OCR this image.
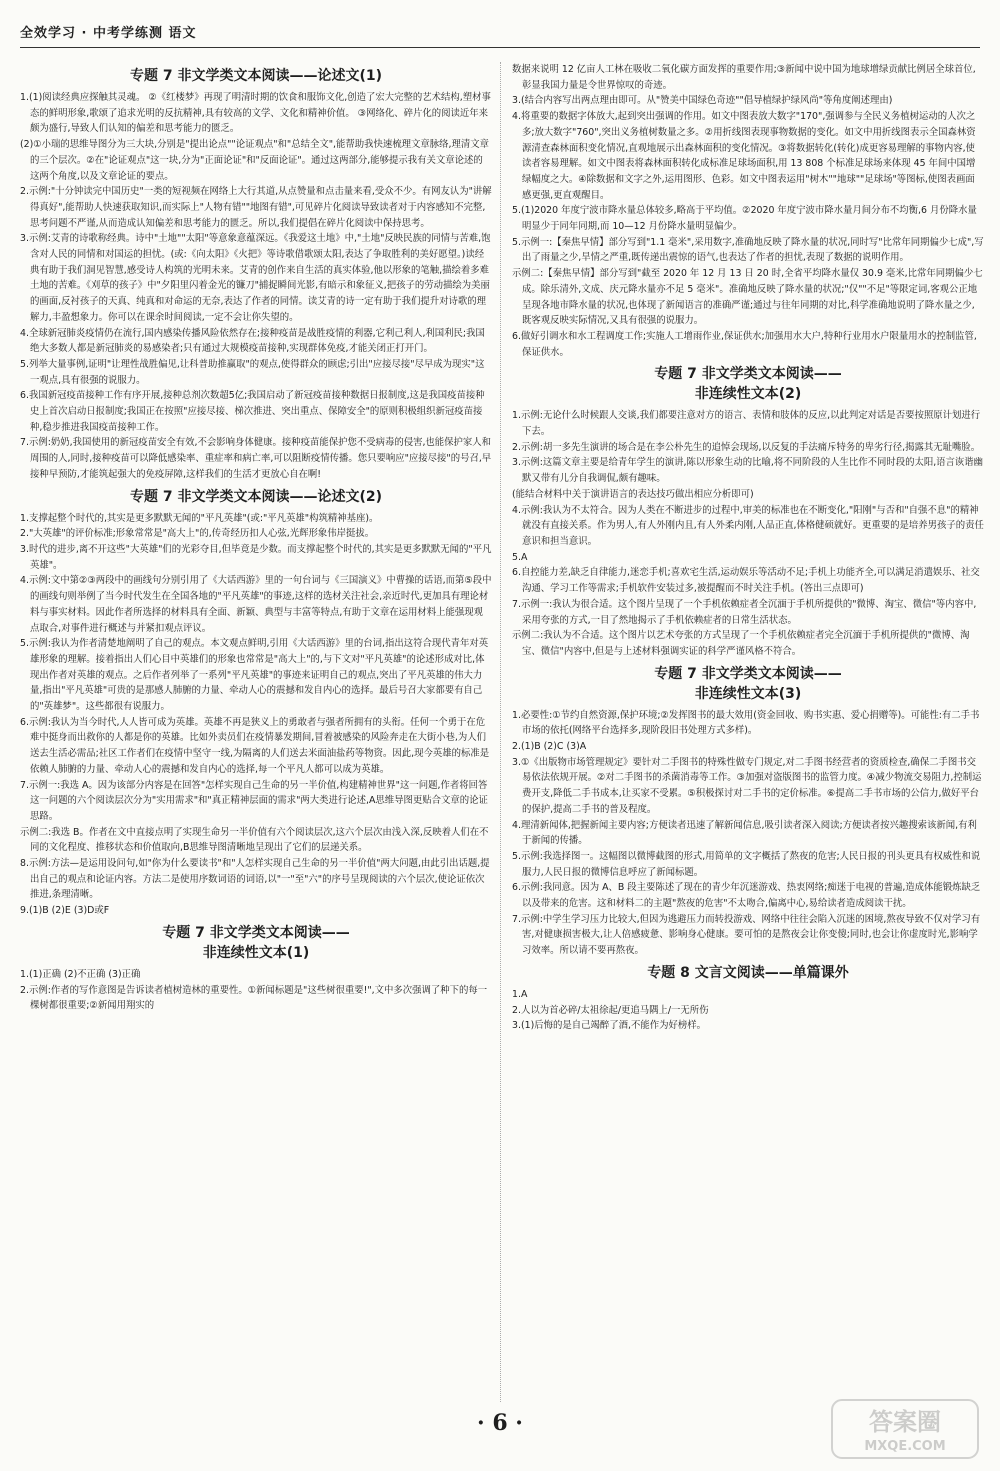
全效学习 · 中考学练测 语文
专题 7 非文学类文本阅读——论述文(1)

1.(1)阅读经典应探触其灵魂。 ②《红楼梦》再现了明清时期的饮食和服饰文化,创造了宏大完整的艺术结构,塑材事态的鲜明形象,歌颂了追求光明的反抗精神,具有较高的文学、文化和精神价值。 ③网络化、碎片化的阅读近年来颇为盛行,导致人们认知的偏差和思考能力的匮乏。

(2)①小瑞的思维导图分为三大块,分别是"提出论点""论证观点"和"总结全文",能帮助我快速梳理文章脉络,理清文章的三个层次。②在"论证观点"这一块,分为"正面论证"和"反面论证"。通过这两部分,能够提示我有关文章论述的这两个角度,以及文章论证的要点。

2.示例:"十分钟读完中国历史"一类的短视频在网络上大行其道,从点赞量和点击量来看,受众不少。有网友认为"讲解得真好",能帮助人快速获取知识,而实际上"人物有错""地图有错",可见碎片化阅读导致读者对于内容感知不完整,思考问题不严谨,从而造成认知偏差和思考能力的匮乏。所以,我们提倡在碎片化阅读中保持思考。

3.示例:艾青的诗歌称经典。诗中"土地""太阳"等意象意蕴深远。《我爱这土地》中,"土地"反映民族的同情与苦难,饱含对人民的同情和对国运的担忧。(或:《向太阳》《火把》等诗歌借歌颂太阳,表达了争取胜利的美好愿望。)读经典有助于我们洞见智慧,感受诗人构筑的光明未来。艾青的创作来自生活的真实体验,他以形象的笔触,描绘着多难土地的苦难。《刈草的孩子》中"夕阳里闪着金光的镰刀"捕捉瞬间光影,有暗示和象征义,把孩子的劳动描绘为美丽的画面,反衬孩子的天真、纯真和对命运的无奈,表达了作者的同情。读艾青的诗一定有助于我们提升对诗歌的理解力,丰盈想象力。你可以在课余时间阅读,一定不会让你失望的。

4.全球新冠肺炎疫情仍在流行,国内感染传播风险依然存在;接种疫苗是战胜疫情的利器,它利己利人,利国利民;我国绝大多数人都是新冠肺炎的易感染者;只有通过大规模疫苗接种,实现群体免疫,才能关闭正打开门。

5.列举大量事例,证明"让理性战胜偏见,让科普助推赢取"的观点,使得群众的顾虑;引出"应接尽接"尽早成为现实"这一观点,具有很强的说服力。

6.我国新冠疫苗接种工作有序开展,接种总剂次数超5亿;我国启动了新冠疫苗接种数据日报制度,这是我国疫苗接种史上首次启动日报制度;我国正在按照"应接尽接、梯次推进、突出重点、保障安全"的原则积极组织新冠疫苗接种,稳步推进我国疫苗接种工作。

7.示例:奶奶,我国使用的新冠疫苗安全有效,不会影响身体健康。接种疫苗能保护您不受病毒的侵害,也能保护家人和周围的人,同时,接种疫苗可以降低感染率、重症率和病亡率,可以阻断疫情传播。您只要响应"应接尽接"的号召,早接种早预防,才能筑起强大的免疫屏障,这样我们的生活才更放心自在啊!

专题 7 非文学类文本阅读——论述文(2)

1.支撑起整个时代的,其实是更多默默无闻的"平凡英雄"(或:"平凡英雄"构筑精神基座)。

2."大英雄"的评价标准;形象常常是"高大上"的,传奇经历扣人心弦,光辉形象伟岸挺拔。

3.时代的进步,离不开这些"大英雄"们的光彩夺目,但毕竟是少数。而支撑起整个时代的,其实是更多默默无闻的"平凡英雄"。

4.示例:文中第②③两段中的画线句分别引用了《大话西游》里的一句台词与《三国演义》中曹操的话语,而第⑤段中的画线句则举例了当今时代发生在全国各地的"平凡英雄"的事迹,这样的选材关注社会,亲近时代,更加具有理论材料与事实材料。因此作者所选择的材料具有全面、新颖、典型与丰富等特点,有助于文章在运用材料上能强现观点取合,对事件进行概述与并紧扣观点评议。

5.示例:我认为作者清楚地阐明了自己的观点。本文观点鲜明,引用《大话西游》里的台词,指出这符合现代青年对英雄形象的理解。接着指出人们心目中英雄们的形象也常常是"高大上"的,与下文对"平凡英雄"的论述形成对比,体现出作者对英雄的观点。之后作者列举了一系列"平凡英雄"的事迹来证明自己的观点,突出了平凡英雄的伟大力量,指出"平凡英雄"可贵的是那感人肺腑的力量、牵动人心的震撼和发自内心的选择。最后号召大家都要有自己的"英雄梦"。这些都很有说服力。

6.示例:我认为当今时代,人人皆可成为英雄。英雄不再是狭义上的勇敢者与强者所拥有的头衔。任何一个勇于在危难中挺身而出救你的人都是你的英雄。比如外卖员们在疫情暴发期间,冒着被感染的风险奔走在大街小巷,为人们送去生活必需品;社区工作者们在疫情中坚守一线,为隔离的人们送去米面油盐药等物资。因此,现今英雄的标准是依赖人肺腑的力量、牵动人心的震撼和发自内心的选择,每一个平凡人都可以成为英雄。

7.示例一:我选 A。因为该部分内容是在回答"怎样实现自己生命的另一半价值,构建精神世界"这一问题,作者将回答这一问题的六个阅读层次分为"实用需求"和"真正精神层面的需求"两大类进行论述,A思维导图更贴合文章的论证思路。

示例二:我选 B。作者在文中直接点明了实现生命另一半价值有六个阅读层次,这六个层次由浅入深,反映着人们在不同的文化程度、推移状态和价值取向,B思维导图清晰地呈现出了它们的层递关系。

8.示例:方法—是运用设问句,如"你为什么要读书"和"人怎样实现自己生命的另一半价值"两大问题,由此引出话题,提出自己的观点和论证内容。方法二是使用序数词语的词语,以"一"至"六"的序号呈现阅读的六个层次,使论证依次推进,条理清晰。

9.(1)B (2)E (3)D或F

专题 7 非文学类文本阅读——
非连续性文本(1)

1.(1)正确 (2)不正确 (3)正确

2.示例:作者的写作意图是告诉读者植树造林的重要性。①新闻标题是"这些树很重要!",文中多次强调了种下的每一棵树都很重要;②新闻用翔实的

数据来说明 12 亿亩人工林在吸收二氧化碳方面发挥的重要作用;③新闻中说中国为地球增绿贡献比例居全球首位,彰显我国力量是令世界惊叹的奇迹。

3.(结合内容写出两点理由即可。从"赞美中国绿色奇迹""倡导植绿护绿风尚"等角度阐述理由)

4.将重要的数据字体放大,起到突出强调的作用。如文中图表放大数字"170",强调参与全民义务植树运动的人次之多;放大数字"760",突出义务植树数量之多。②用折线图表现事物数据的变化。如文中用折线图表示全国森林资源清查森林面积变化情况,直观地展示出森林面积的变化情况。③将数据转化(转化)成更容易理解的事物内容,使读者容易理解。如文中图表将森林面积转化成标准足球场面积,用 13 808 个标准足球场来体现 45 年间中国增绿幅度之大。④除数据和文字之外,运用图形、色彩。如文中图表运用"树木""地球""足球场"等图标,使图表画面感更强,更直观醒目。

5.(1)2020 年度宁波市降水量总体较多,略高于平均值。②2020 年度宁波市降水量月间分布不均衡,6 月份降水量明显少于同年同期,而 10—12 月份降水量明显偏少。

5.示例一:【秦焦早情】部分写到"1.1 毫米",采用数字,准确地反映了降水量的状况,同时写"比常年同期偏少七成",写出了雨量之少,旱情之严重,既传递出震惊的语气,也表达了作者的担忧,表现了数据的说明作用。

示例二:【秦焦早情】部分写到"截至 2020 年 12 月 13 日 20 时,全省平均降水量仅 30.9 毫米,比常年同期偏少七成。除乐清外,文成、庆元降水量亦不足 5 毫米"。准确地反映了降水量的状况;"仅""不足"等限定词,客观公正地呈现各地市降水量的状况,也体现了新闻语言的准确严谨;通过与往年同期的对比,科学准确地说明了降水量之少,既客观反映实际情况,又具有很强的说服力。

6.做好引调水和水工程调度工作;实施人工增雨作业,保证供水;加强用水大户,特种行业用水户限量用水的控制监管,保证供水。

专题 7 非文学类文本阅读——
非连续性文本(2)

1.示例:无论什么时候跟人交谈,我们都要注意对方的语言、表情和肢体的反应,以此判定对话是否要按照原计划进行下去。

2.示例:胡一多先生演讲的场合是在李公朴先生的追悼会现场,以反复的手法痛斥特务的卑劣行径,揭露其无耻嘴脸。

3.示例:这篇文章主要是给青年学生的演讲,陈以形象生动的比喻,将不同阶段的人生比作不同时段的太阳,语言诙谐幽默又带有儿分自我调侃,颇有趣味。

(能结合材料中关于演讲语言的表达技巧做出相应分析即可)

4.示例:我认为不太符合。因为人类在不断进步的过程中,审美的标准也在不断变化,"阳刚"与否和"自强不息"的精神就没有直接关系。作为男人,有人外刚内且,有人外柔内刚,人品正直,体格健硕就好。更重要的是培养男孩子的责任意识和担当意识。

5.A

6.自控能力差,缺乏自律能力,迷恋手机;喜欢宅生活,运动娱乐等活动不足;手机上功能齐全,可以满足消遣娱乐、社交沟通、学习工作等需求;手机软件安装过多,被提醒而不时关注手机。(答出三点即可)

7.示例一:我认为很合适。这个图片呈现了一个手机依赖症者全沉湎于手机所提供的"微博、淘宝、微信"等内容中,采用夸张的方式,一目了然地揭示了手机依赖症者的日常生活状态。

示例二:我认为不合适。这个图片以艺术夸张的方式呈现了一个手机依赖症者完全沉湎于手机所提供的"微博、淘宝、微信"内容中,但是与上述材料强调实证的科学严谨风格不符合。

专题 7 非文学类文本阅读——
非连续性文本(3)

1.必要性:①节约自然资源,保护环境;②发挥图书的最大效用(资金回收、购书实惠、爱心捐赠等)。可能性:有二手书市场的依托(网络平台选择多,现阶段旧书处理方式多样)。

2.(1)B (2)C (3)A

3.①《出版物市场管理规定》要针对二手图书的特殊性做专门规定,对二手图书经营者的资质检查,确保二手图书交易依法依规开展。②对二手图书的杀菌消毒等工作。③加强对盗版图书的监管力度。④减少物流交易阻力,控制运费开支,降低二手书成本,让买家不受累。⑤积极探讨对二手书的定价标准。⑥提高二手书市场的公信力,做好平台的保护,提高二手书的普及程度。

4.理清新闻体,把握新闻主要内容;方便读者迅速了解新闻信息,吸引读者深入阅读;方便读者按兴趣搜索该新闻,有利于新闻的传播。

5.示例:我选择图一。这幅图以微博截图的形式,用简单的文字概括了熬夜的危害;人民日报的刊头更具有权威性和说服力,人民日报的微博信息呼应了新闻标题。

6.示例:我同意。因为 A、B 段主要陈述了现在的青少年沉迷游戏、热衷网络;痴迷于电视的普遍,造成体能锻炼缺乏以及带来的危害。这和材料二的主题"熬夜的危害"不太吻合,偏离中心,易给读者造成阅读干扰。

7.示例:中学生学习压力比较大,但因为逃避压力而转投游戏、网络中往往会陷入沉迷的困境,熬夜导致不仅对学习有害,对健康损害极大,让人倍感疲惫、影响身心健康。要可怕的是熬夜会让你变傻;同时,也会让你虚度时光,影响学习效率。所以请不要再熬夜。

专题 8 文言文阅读——单篇课外

1.A

2.人以为首必碎/太祖徐起/更追马隅上/一无所伤

3.(1)后悔的是自己竭醉了酒,不能作为好榜样。

· 6 ·	答案圈
MXQE.COM
